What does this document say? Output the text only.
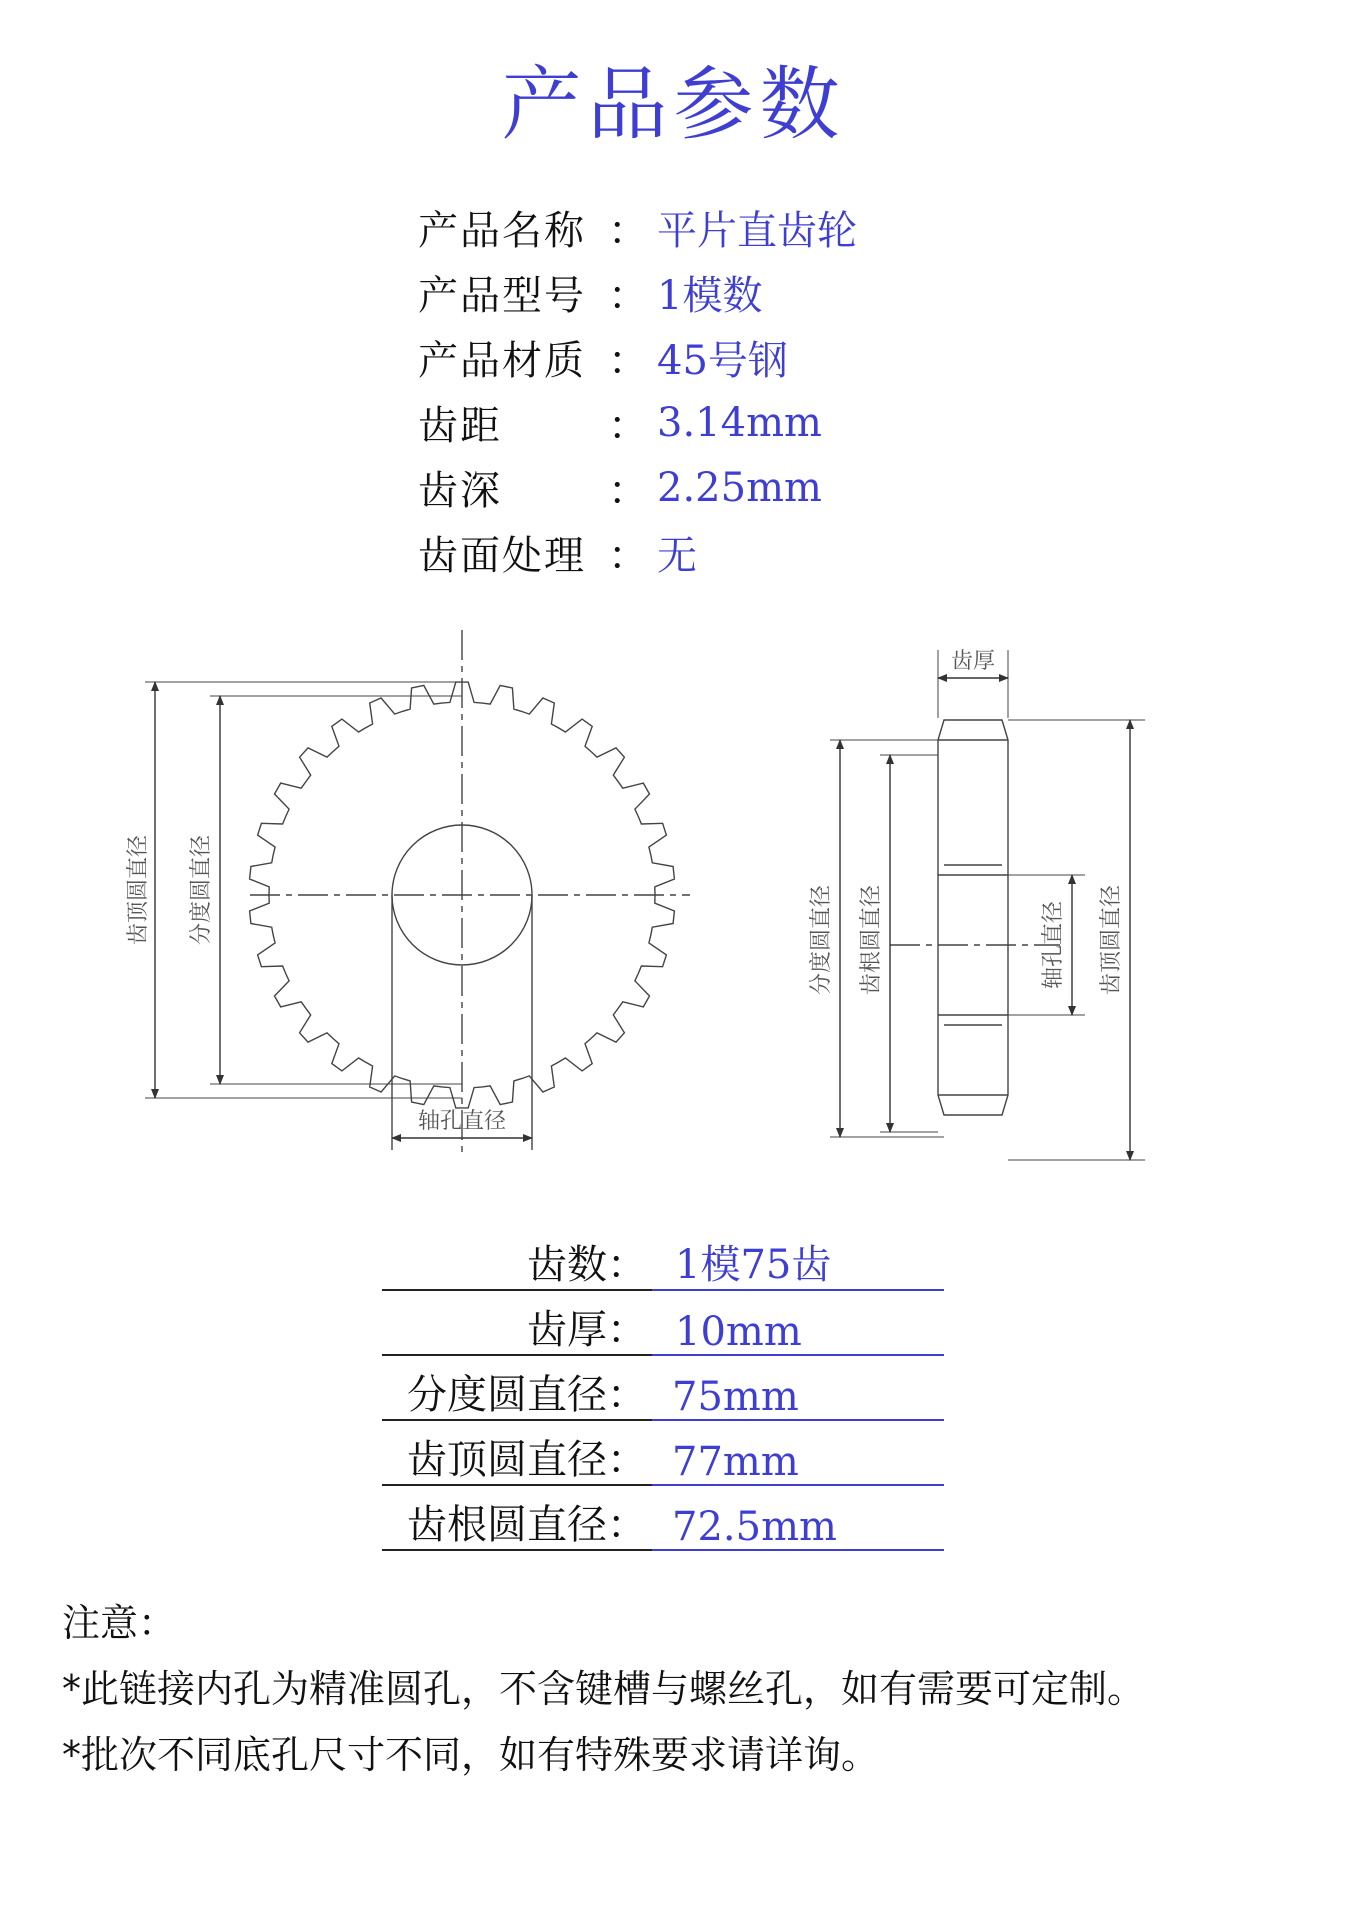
产品参数
产品名称 ： 平片直齿轮
产品型号 ： 1模数
产品材质 ： 45号钢
齿距	： 3.14mm
齿深	： 2.25mm
齿面处理 ： 无
齿顶圆直径 分度圆直径
轴孔直径
齿厚
分度圆直径 齿根圆直径	轴孔直径 齿顶圆直径
齿数： 1模75齿
齿厚： 10mm
分度圆直径： 75mm
齿顶圆直径： 77mm
齿根圆直径： 72.5mm
注意：
*此链接内孔为精准圆孔，不含键槽与螺丝孔，如有需要可定制。
*批次不同底孔尺寸不同，如有特殊要求请详询。
